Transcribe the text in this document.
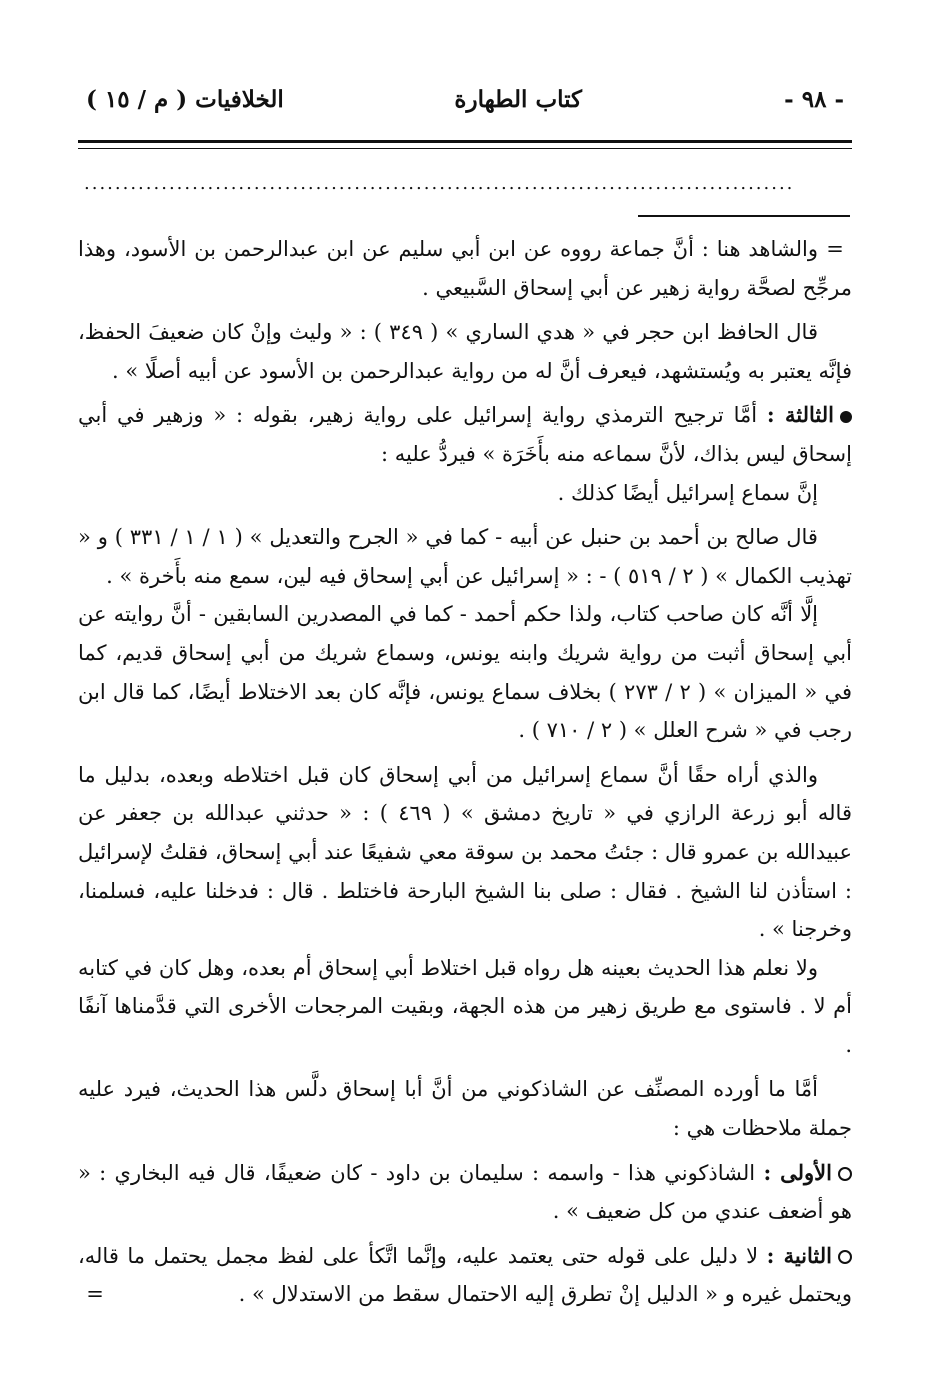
- ٩٨ -
كتاب الطهارة
الخلافيات ( م / ١٥ )
............................................................................................

=والشاهد هنا : أنَّ جماعة رووه عن ابن أبي سليم عن ابن عبدالرحمن بن الأسود، وهذا مرجِّح لصحَّة رواية زهير عن أبي إسحاق السَّبيعي .

قال الحافظ ابن حجر في « هدي الساري » ( ٣٤٩ ) : « وليث وإنْ كان ضعيفَ الحفظ، فإنَّه يعتبر به ويُستشهد، فيعرف أنَّ له من رواية عبدالرحمن بن الأسود عن أبيه أصلًا » .

الثالثة : أمَّا ترجيح الترمذي رواية إسرائيل على رواية زهير، بقوله : « وزهير في أبي إسحاق ليس بذاك، لأنَّ سماعه منه بأَخَرَة » فيردُّ عليه :

إنَّ سماع إسرائيل أيضًا كذلك .

قال صالح بن أحمد بن حنبل عن أبيه - كما في « الجرح والتعديل » ( ١ / ١ / ٣٣١ ) و « تهذيب الكمال » ( ٢ / ٥١٩ ) - : « إسرائيل عن أبي إسحاق فيه لين، سمع منه بأَخرة » .

إلَّا أنَّه كان صاحب كتاب، ولذا حكم أحمد - كما في المصدرين السابقين - أنَّ روايته عن أبي إسحاق أثبت من رواية شريك وابنه يونس، وسماع شريك من أبي إسحاق قديم، كما في « الميزان » ( ٢ / ٢٧٣ ) بخلاف سماع يونس، فإنَّه كان بعد الاختلاط أيضًا، كما قال ابن رجب في « شرح العلل » ( ٢ / ٧١٠ ) .

والذي أراه حقًا أنَّ سماع إسرائيل من أبي إسحاق كان قبل اختلاطه وبعده، بدليل ما قاله أبو زرعة الرازي في « تاريخ دمشق » ( ٤٦٩ ) : « حدثني عبدالله بن جعفر عن عبيدالله بن عمرو قال : جئتُ محمد بن سوقة معي شفيعًا عند أبي إسحاق، فقلتُ لإسرائيل : استأذن لنا الشيخ . فقال : صلى بنا الشيخ البارحة فاختلط . قال : فدخلنا عليه، فسلمنا، وخرجنا » .

ولا نعلم هذا الحديث بعينه هل رواه قبل اختلاط أبي إسحاق أم بعده، وهل كان في كتابه أم لا . فاستوى مع طريق زهير من هذه الجهة، وبقيت المرجحات الأخرى التي قدَّمناها آنفًا .

أمَّا ما أورده المصنِّف عن الشاذكوني من أنَّ أبا إسحاق دلَّس هذا الحديث، فيرد عليه جملة ملاحظات هي :

الأولى : الشاذكوني هذا - واسمه : سليمان بن داود - كان ضعيفًا، قال فيه البخاري : « هو أضعف عندي من كل ضعيف » .

الثانية : لا دليل على قوله حتى يعتمد عليه، وإنَّما اتَّكأ على لفظ مجمل يحتمل ما قاله، ويحتمل غيره و « الدليل إنْ تطرق إليه الاحتمال سقط من الاستدلال » .
=
